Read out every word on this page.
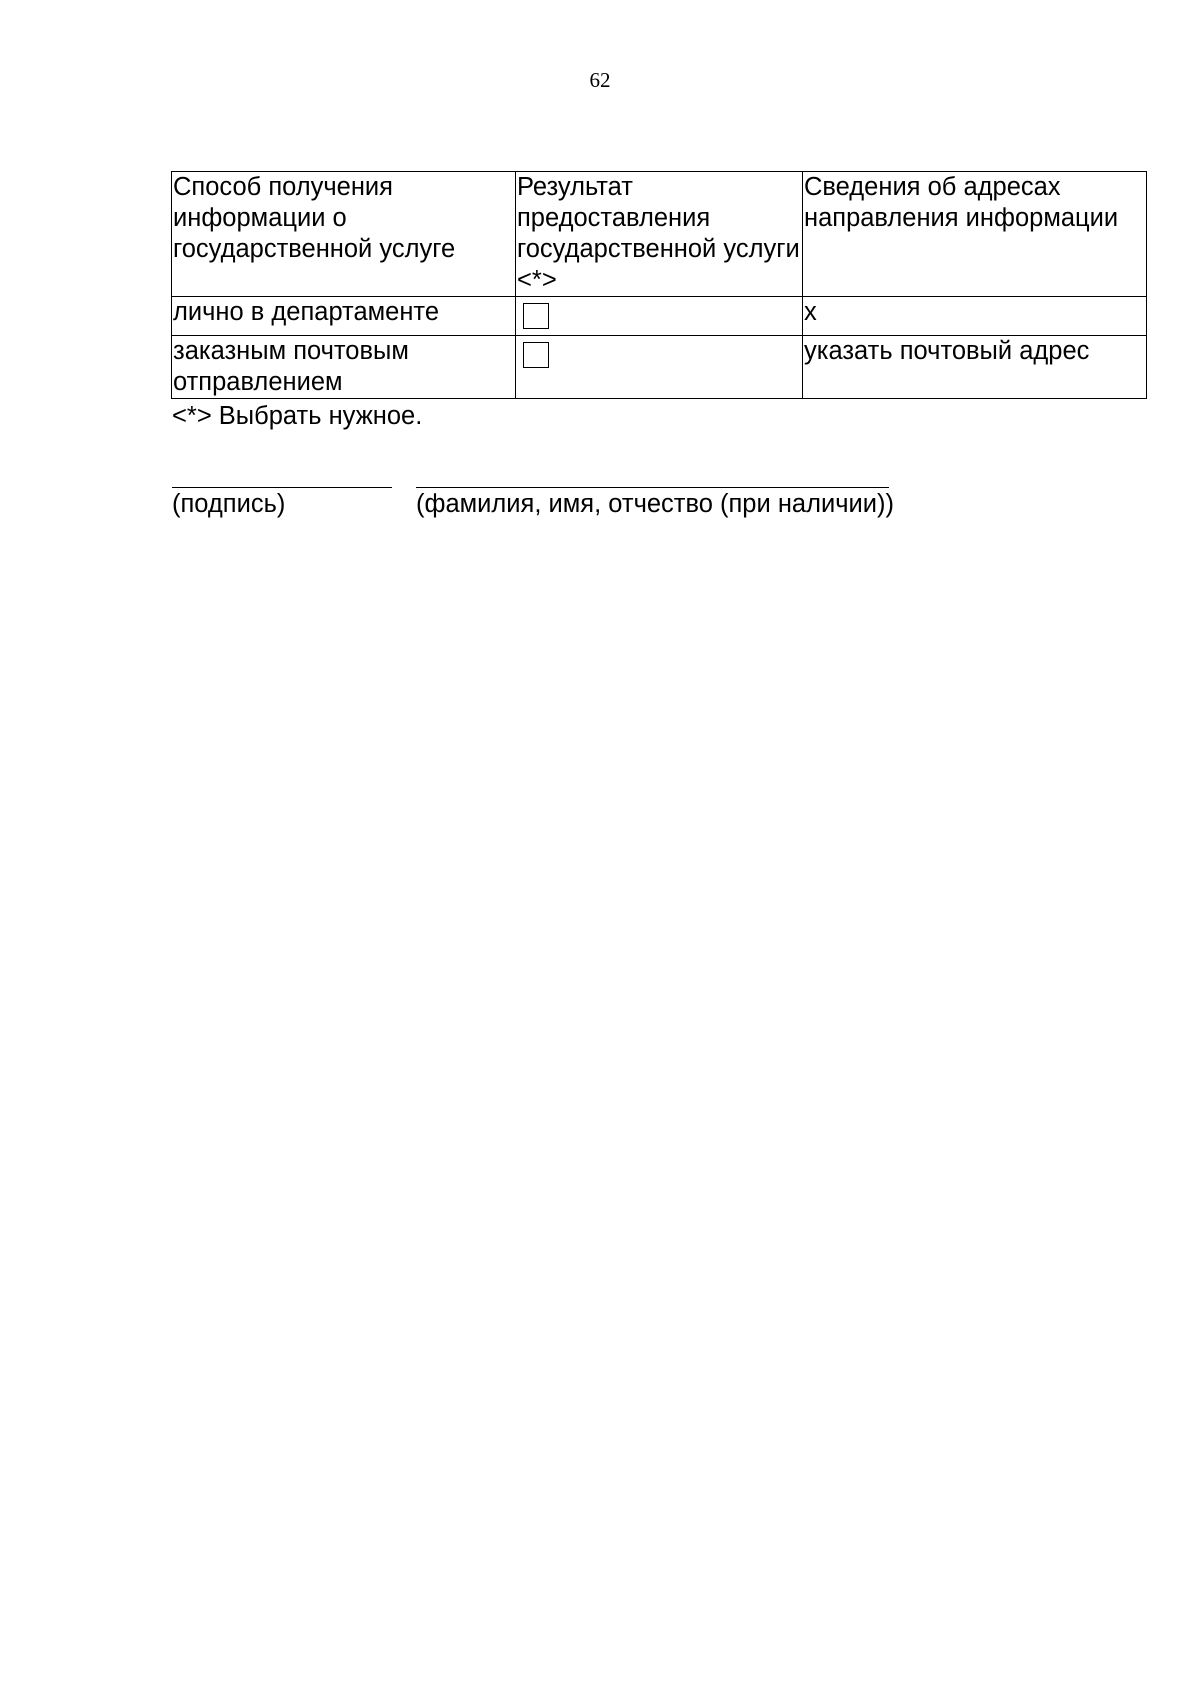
62
Способ получения информации о государственной услуге	Результат предоставления государственной услуги <*>	Сведения об адресах направления информации
лично в департаменте		x
заказным почтовым отправлением		указать почтовый адрес
<*> Выбрать нужное.
(подпись)	(фамилия, имя, отчество (при наличии))
